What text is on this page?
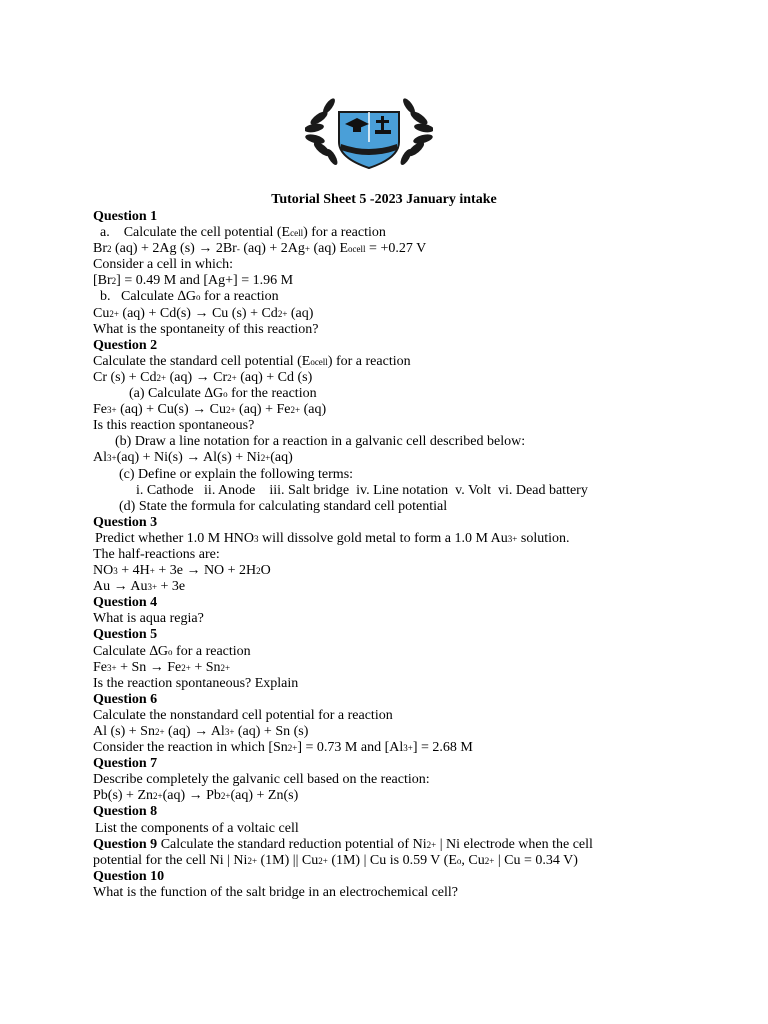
Tutorial Sheet 5 -2023 January intake
Question 1
a.    Calculate the cell potential (Ecell) for a reaction
Br2 (aq) + 2Ag (s) → 2Br- (aq) + 2Ag+ (aq) Eocell = +0.27 V
Consider a cell in which:
[Br2] = 0.49 M and [Ag+] = 1.96 M
b.   Calculate ∆Go for a reaction
Cu2+ (aq) + Cd(s) → Cu (s) + Cd2+ (aq)
What is the spontaneity of this reaction?
Question 2
Calculate the standard cell potential (Eocell) for a reaction
Cr (s) + Cd2+ (aq) → Cr2+ (aq) + Cd (s)
(a) Calculate ∆Go for the reaction
Fe3+ (aq) + Cu(s) → Cu2+ (aq) + Fe2+ (aq)
Is this reaction spontaneous?
(b) Draw a line notation for a reaction in a galvanic cell described below:
Al3+(aq) + Ni(s) → Al(s) + Ni2+(aq)
(c) Define or explain the following terms:
i. Cathode   ii. Anode    iii. Salt bridge  iv. Line notation  v. Volt  vi. Dead battery
(d) State the formula for calculating standard cell potential
Question 3
Predict whether 1.0 M HNO3 will dissolve gold metal to form a 1.0 M Au3+ solution.
The half-reactions are:
NO3 + 4H+ + 3e → NO + 2H2O
Au → Au3+ + 3e
Question 4
What is aqua regia?
Question 5
Calculate ∆Go for a reaction
Fe3+ + Sn → Fe2+ + Sn2+
Is the reaction spontaneous? Explain
Question 6
Calculate the nonstandard cell potential for a reaction
Al (s) + Sn2+ (aq) → Al3+ (aq) + Sn (s)
Consider the reaction in which [Sn2+] = 0.73 M and [Al3+] = 2.68 M
Question 7
Describe completely the galvanic cell based on the reaction:
Pb(s) + Zn2+(aq) → Pb2+(aq) + Zn(s)
Question 8
List the components of a voltaic cell
Question 9 Calculate the standard reduction potential of Ni2+ | Ni electrode when the cell
potential for the cell Ni | Ni2+ (1M) || Cu2+ (1M) | Cu is 0.59 V (Eo, Cu2+ | Cu = 0.34 V)
Question 10
What is the function of the salt bridge in an electrochemical cell?
